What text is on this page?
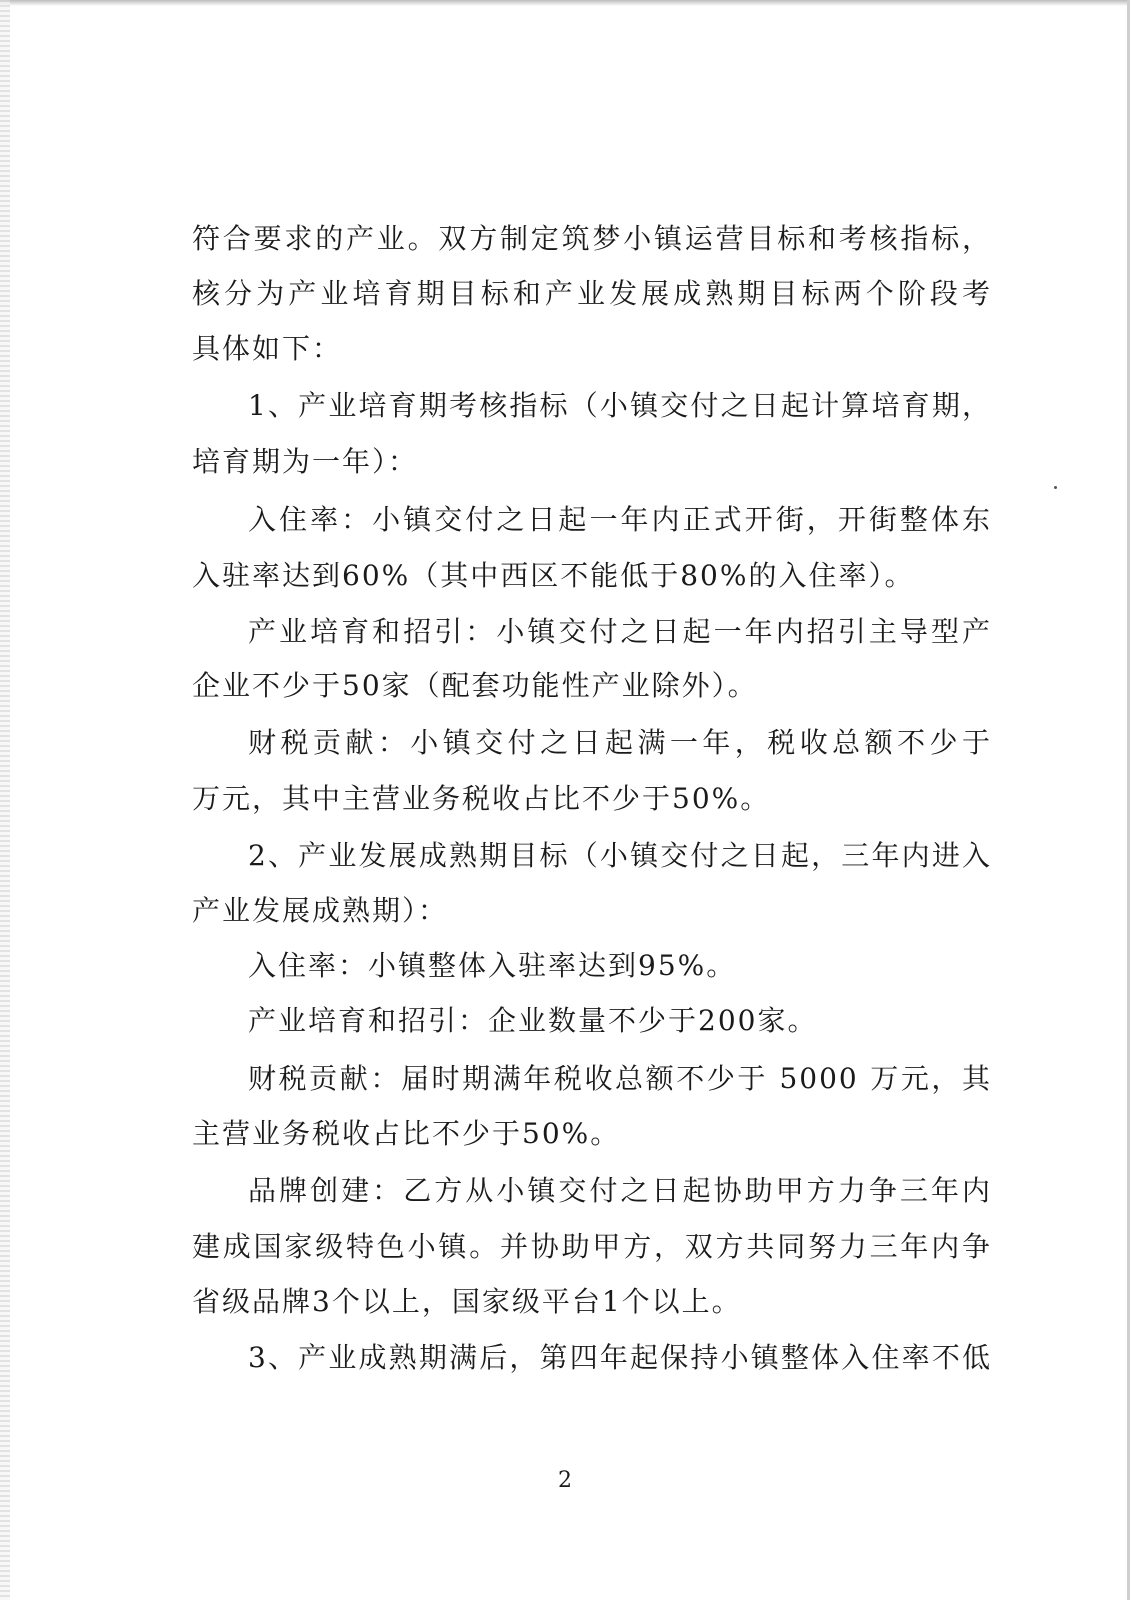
符合要求的产业。双方制定筑梦小镇运营目标和考核指标，
核分为产业培育期目标和产业发展成熟期目标两个阶段考
具体如下：
1、产业培育期考核指标（小镇交付之日起计算培育期，
培育期为一年）：
入住率：小镇交付之日起一年内正式开街，开街整体东
入驻率达到60%（其中西区不能低于80%的入住率）。
产业培育和招引：小镇交付之日起一年内招引主导型产
企业不少于50家（配套功能性产业除外）。
财税贡献：小镇交付之日起满一年，税收总额不少于
万元，其中主营业务税收占比不少于50%。
2、产业发展成熟期目标（小镇交付之日起，三年内进入
产业发展成熟期）：
入住率：小镇整体入驻率达到95%。
产业培育和招引：企业数量不少于200家。
财税贡献：届时期满年税收总额不少于 5000 万元，其
主营业务税收占比不少于50%。
品牌创建：乙方从小镇交付之日起协助甲方力争三年内
建成国家级特色小镇。并协助甲方，双方共同努力三年内争
省级品牌3个以上，国家级平台1个以上。
3、产业成熟期满后，第四年起保持小镇整体入住率不低
2
